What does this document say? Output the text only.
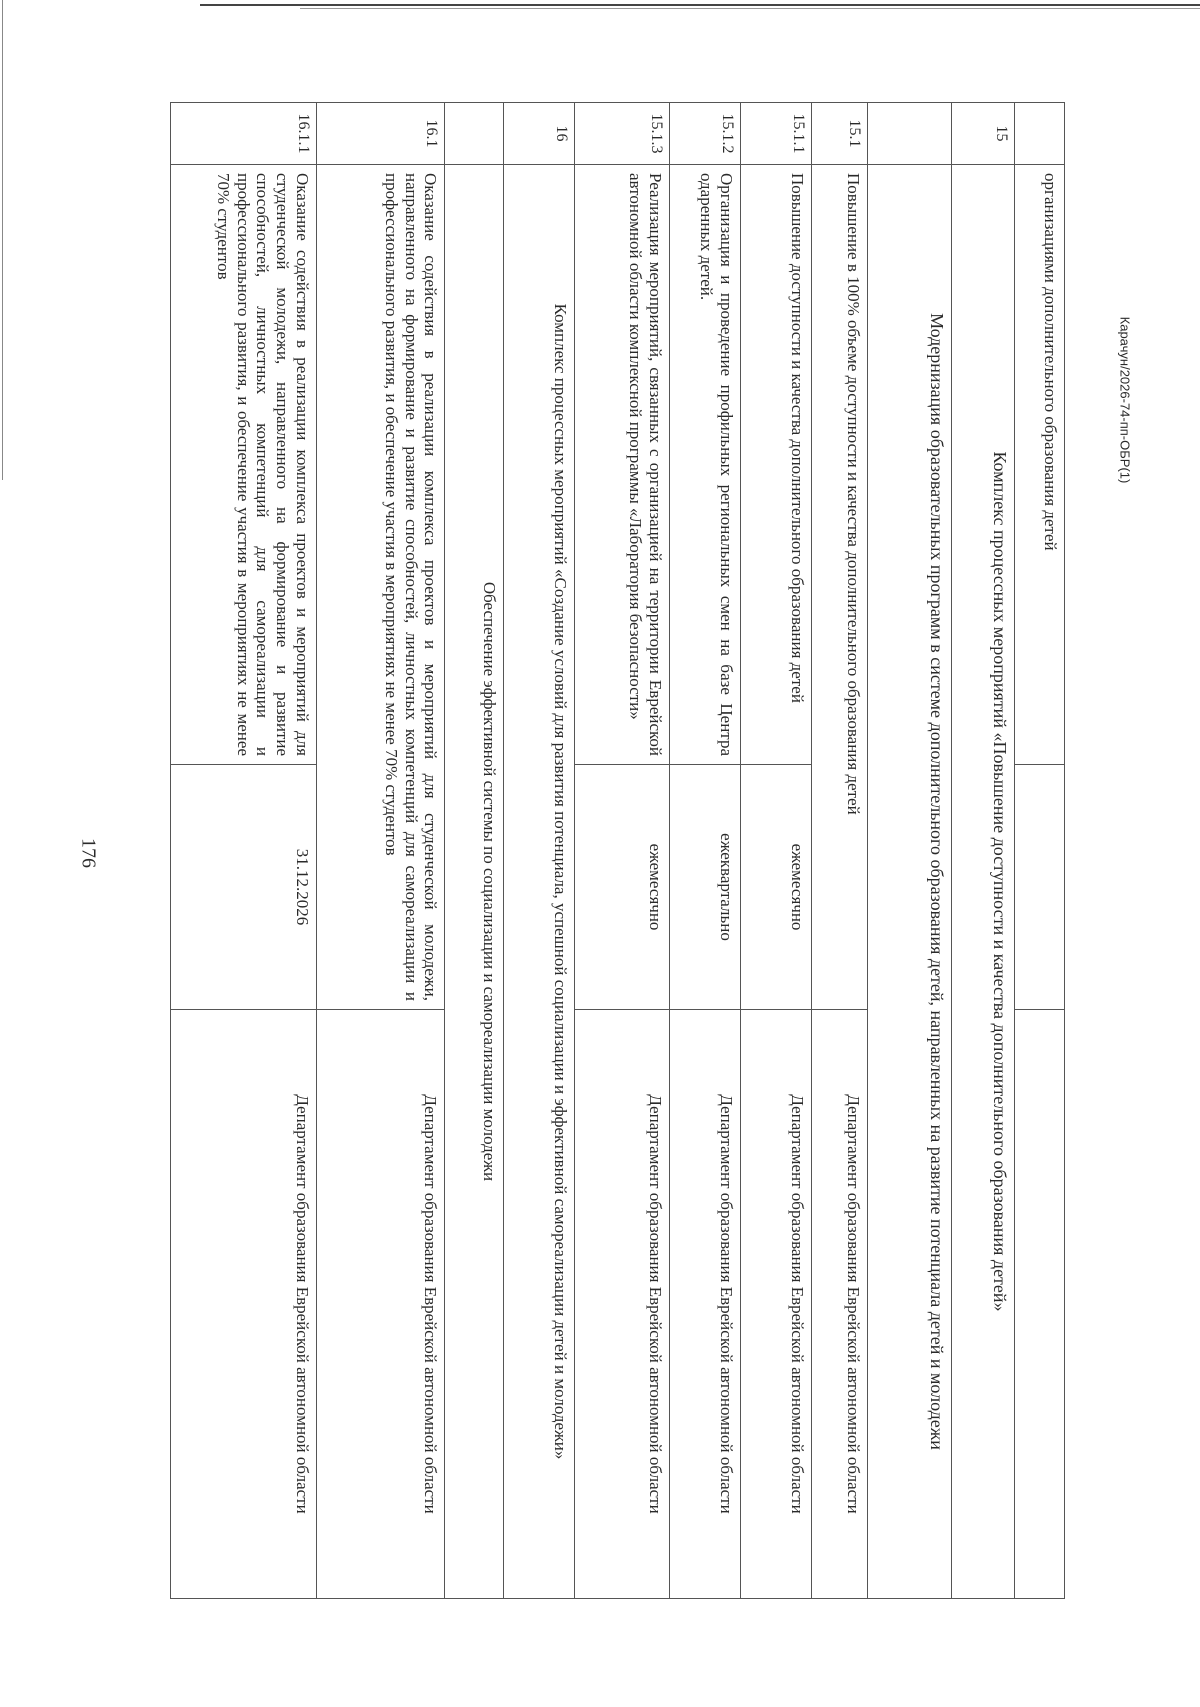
176
	организациями дополнительного образования детей		
15	Комплекс процессных мероприятий «Повышение доступности и качества дополнительного образования детей»		
	Модернизация образовательных программ в системе дополнительного образования детей, направленных на развитие потенциала детей и молодежи		
15.1	Повышение в 100% объеме доступности и качества дополнительного образования детей		Департамент образования Еврейской автономной области
15.1.1	Повышение доступности и качества дополнительного образования детей	ежемесячно	Департамент образования Еврейской автономной области
15.1.2	Организация и проведение профильных региональных смен на базе Центра одаренных детей.	ежеквартально	Департамент образования Еврейской автономной области
15.1.3	Реализация мероприятий, связанных с организацией на территории Еврейской автономной области комплексной программы «Лаборатория безопасности»	ежемесячно	Департамент образования Еврейской автономной области
16	Комплекс процессных мероприятий «Создание условий для развития потенциала, успешной социализации и эффективной самореализации детей и молодежи»		
	Обеспечение эффективной системы по социализации и самореализации молодежи		
16.1	Оказание содействия в реализации комплекса проектов и мероприятий для студенческой молодежи, направленного на формирование и развитие способностей, личностных компетенций для самореализации и профессионального развития, и обеспечение участия в мероприятиях не менее 70% студентов		Департамент образования Еврейской автономной области
16.1.1	Оказание содействия в реализации комплекса проектов и мероприятий для студенческой молодежи, направленного на формирование и развитие способностей, личностных компетенций для самореализации и профессионального развития, и обеспечение участия в мероприятиях не менее 70% студентов	31.12.2026	Департамент образования Еврейской автономной области
Карачун/2026-74-пп-ОБР(1)
